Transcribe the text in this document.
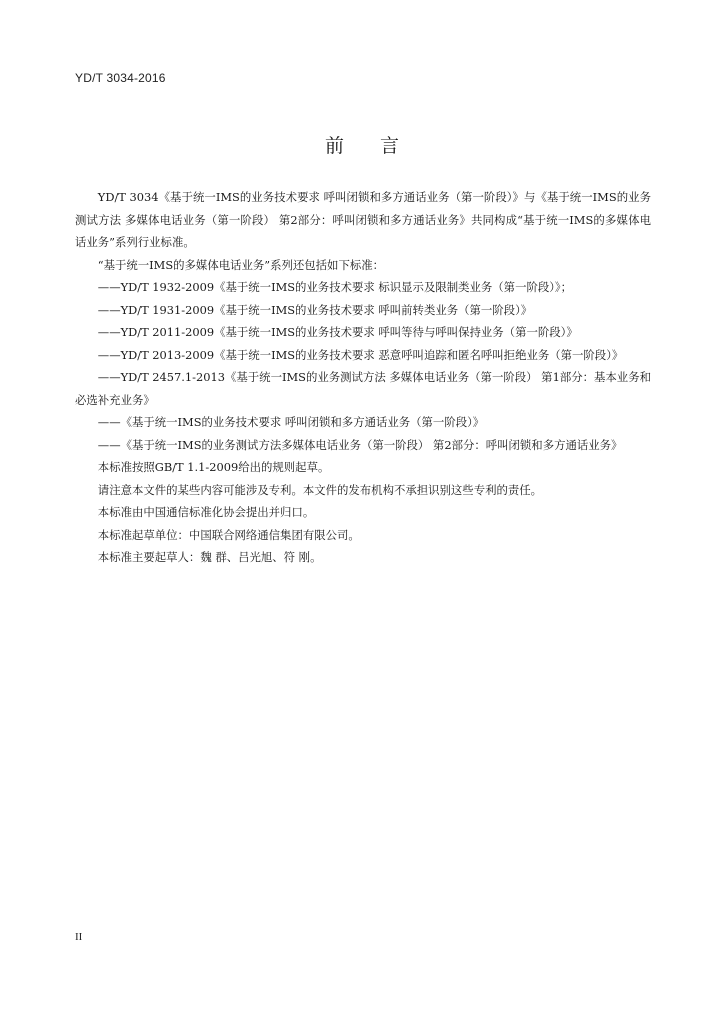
YD/T 3034-2016
前言

YD/T 3034《基于统一IMS的业务技术要求 呼叫闭锁和多方通话业务（第一阶段）》与《基于统一IMS的业务测试方法 多媒体电话业务（第一阶段） 第2部分：呼叫闭锁和多方通话业务》共同构成“基于统一IMS的多媒体电话业务”系列行业标准。

“基于统一IMS的多媒体电话业务”系列还包括如下标准：

——YD/T 1932-2009《基于统一IMS的业务技术要求 标识显示及限制类业务（第一阶段）》；

——YD/T 1931-2009《基于统一IMS的业务技术要求 呼叫前转类业务（第一阶段）》

——YD/T 2011-2009《基于统一IMS的业务技术要求 呼叫等待与呼叫保持业务（第一阶段）》

——YD/T 2013-2009《基于统一IMS的业务技术要求 恶意呼叫追踪和匿名呼叫拒绝业务（第一阶段）》

——YD/T 2457.1-2013《基于统一IMS的业务测试方法 多媒体电话业务（第一阶段） 第1部分：基本业务和必选补充业务》

——《基于统一IMS的业务技术要求 呼叫闭锁和多方通话业务（第一阶段）》

——《基于统一IMS的业务测试方法多媒体电话业务（第一阶段） 第2部分：呼叫闭锁和多方通话业务》

本标准按照GB/T 1.1-2009给出的规则起草。

请注意本文件的某些内容可能涉及专利。本文件的发布机构不承担识别这些专利的责任。

本标准由中国通信标准化协会提出并归口。

本标准起草单位：中国联合网络通信集团有限公司。

本标准主要起草人：魏 群、吕光旭、符 刚。

II
